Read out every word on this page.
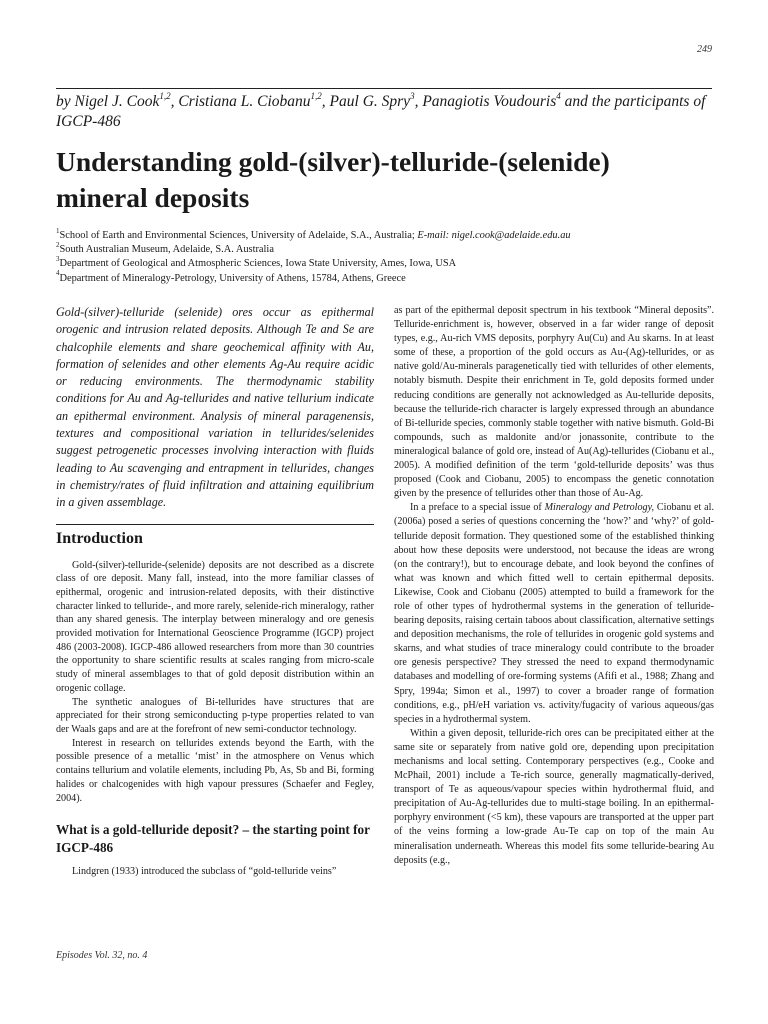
249
by Nigel J. Cook$^{1,2}$, Cristiana L. Ciobanu$^{1,2}$, Paul G. Spry$^3$, Panagiotis Voudouris$^4$ and the participants of IGCP-486
Understanding gold-(silver)-telluride-(selenide)
mineral deposits
$^1$School of Earth and Environmental Sciences, University of Adelaide, S.A., Australia; E-mail: nigel.cook@adelaide.edu.au
$^2$South Australian Museum, Adelaide, S.A. Australia
$^3$Department of Geological and Atmospheric Sciences, Iowa State University, Ames, Iowa, USA
$^4$Department of Mineralogy-Petrology, University of Athens, 15784, Athens, Greece

Gold-(silver)-telluride (selenide) ores occur as epithermal orogenic and intrusion related deposits. Although Te and Se are chalcophile elements and share geochemical affinity with Au, formation of selenides and other elements Ag-Au require acidic or reducing environments. The thermodynamic stability conditions for Au and Ag-tellurides and native tellurium indicate an epithermal environment. Analysis of mineral paragenensis, textures and compositional variation in tellurides/selenides suggest petrogenetic processes involving interaction with fluids leading to Au scavenging and entrapment in tellurides, changes in chemistry/rates of fluid infiltration and attaining equilibrium in a given assemblage.

Introduction

Gold-(silver)-telluride-(selenide) deposits are not described as a discrete class of ore deposit. Many fall, instead, into the more familiar classes of epithermal, orogenic and intrusion-related deposits, with their distinctive character linked to telluride-, and more rarely, selenide-rich mineralogy, rather than any shared genesis. The interplay between mineralogy and ore genesis provided motivation for International Geoscience Programme (IGCP) project 486 (2003-2008). IGCP-486 allowed researchers from more than 30 countries the opportunity to share scientific results at scales ranging from micro-scale study of mineral assemblages to that of gold deposit distribution within an orogenic collage.

The synthetic analogues of Bi-tellurides have structures that are appreciated for their strong semiconducting p-type properties related to van der Waals gaps and are at the forefront of new semi-conductor technology.

Interest in research on tellurides extends beyond the Earth, with the possible presence of a metallic ‘mist’ in the atmosphere on Venus which contains tellurium and volatile elements, including Pb, As, Sb and Bi, forming halides or chalcogenides with high vapour pressures (Schaefer and Fegley, 2004).

What is a gold-telluride deposit? – the starting point for IGCP-486

Lindgren (1933) introduced the subclass of “gold-telluride veins”

as part of the epithermal deposit spectrum in his textbook “Mineral deposits”. Telluride-enrichment is, however, observed in a far wider range of deposit types, e.g., Au-rich VMS deposits, porphyry Au(Cu) and Au skarns. In at least some of these, a proportion of the gold occurs as Au-(Ag)-tellurides, or as native gold/Au-minerals paragenetically tied with tellurides of other elements, notably bismuth. Despite their enrichment in Te, gold deposits formed under reducing conditions are generally not acknowledged as Au-telluride deposits, because the telluride-rich character is largely expressed through an abundance of Bi-telluride species, commonly stable together with native bismuth. Gold-Bi compounds, such as maldonite and/or jonassonite, contribute to the mineralogical balance of gold ore, instead of Au(Ag)-tellurides (Ciobanu et al., 2005). A modified definition of the term ‘gold-telluride deposits’ was thus proposed (Cook and Ciobanu, 2005) to encompass the genetic connotation given by the presence of tellurides other than those of Au-Ag.

In a preface to a special issue of Mineralogy and Petrology, Ciobanu et al. (2006a) posed a series of questions concerning the ‘how?’ and ‘why?’ of gold-telluride deposit formation. They questioned some of the established thinking about how these deposits were understood, not because the ideas are wrong (on the contrary!), but to encourage debate, and look beyond the confines of what was known and which fitted well to certain epithermal deposits. Likewise, Cook and Ciobanu (2005) attempted to build a framework for the role of other types of hydrothermal systems in the generation of telluride-bearing deposits, raising certain taboos about classification, alternative settings and deposition mechanisms, the role of tellurides in orogenic gold systems and skarns, and what studies of trace mineralogy could contribute to the broader ore genesis perspective? They stressed the need to expand thermodynamic databases and modelling of ore-forming systems (Afifi et al., 1988; Zhang and Spry, 1994a; Simon et al., 1997) to cover a broader range of formation conditions, e.g., pH/eH variation vs. activity/fugacity of various aqueous/gas species in a hydrothermal system.

Within a given deposit, telluride-rich ores can be precipitated either at the same site or separately from native gold ore, depending upon precipitation mechanisms and local setting. Contemporary perspectives (e.g., Cooke and McPhail, 2001) include a Te-rich source, generally magmatically-derived, transport of Te as aqueous/vapour species within hydrothermal fluid, and precipitation of Au-Ag-tellurides due to multi-stage boiling. In an epithermal-porphyry environment (<5 km), these vapours are transported at the upper part of the veins forming a low-grade Au-Te cap on top of the main Au mineralisation underneath. Whereas this model fits some telluride-bearing Au deposits (e.g.,

Episodes Vol. 32, no. 4
